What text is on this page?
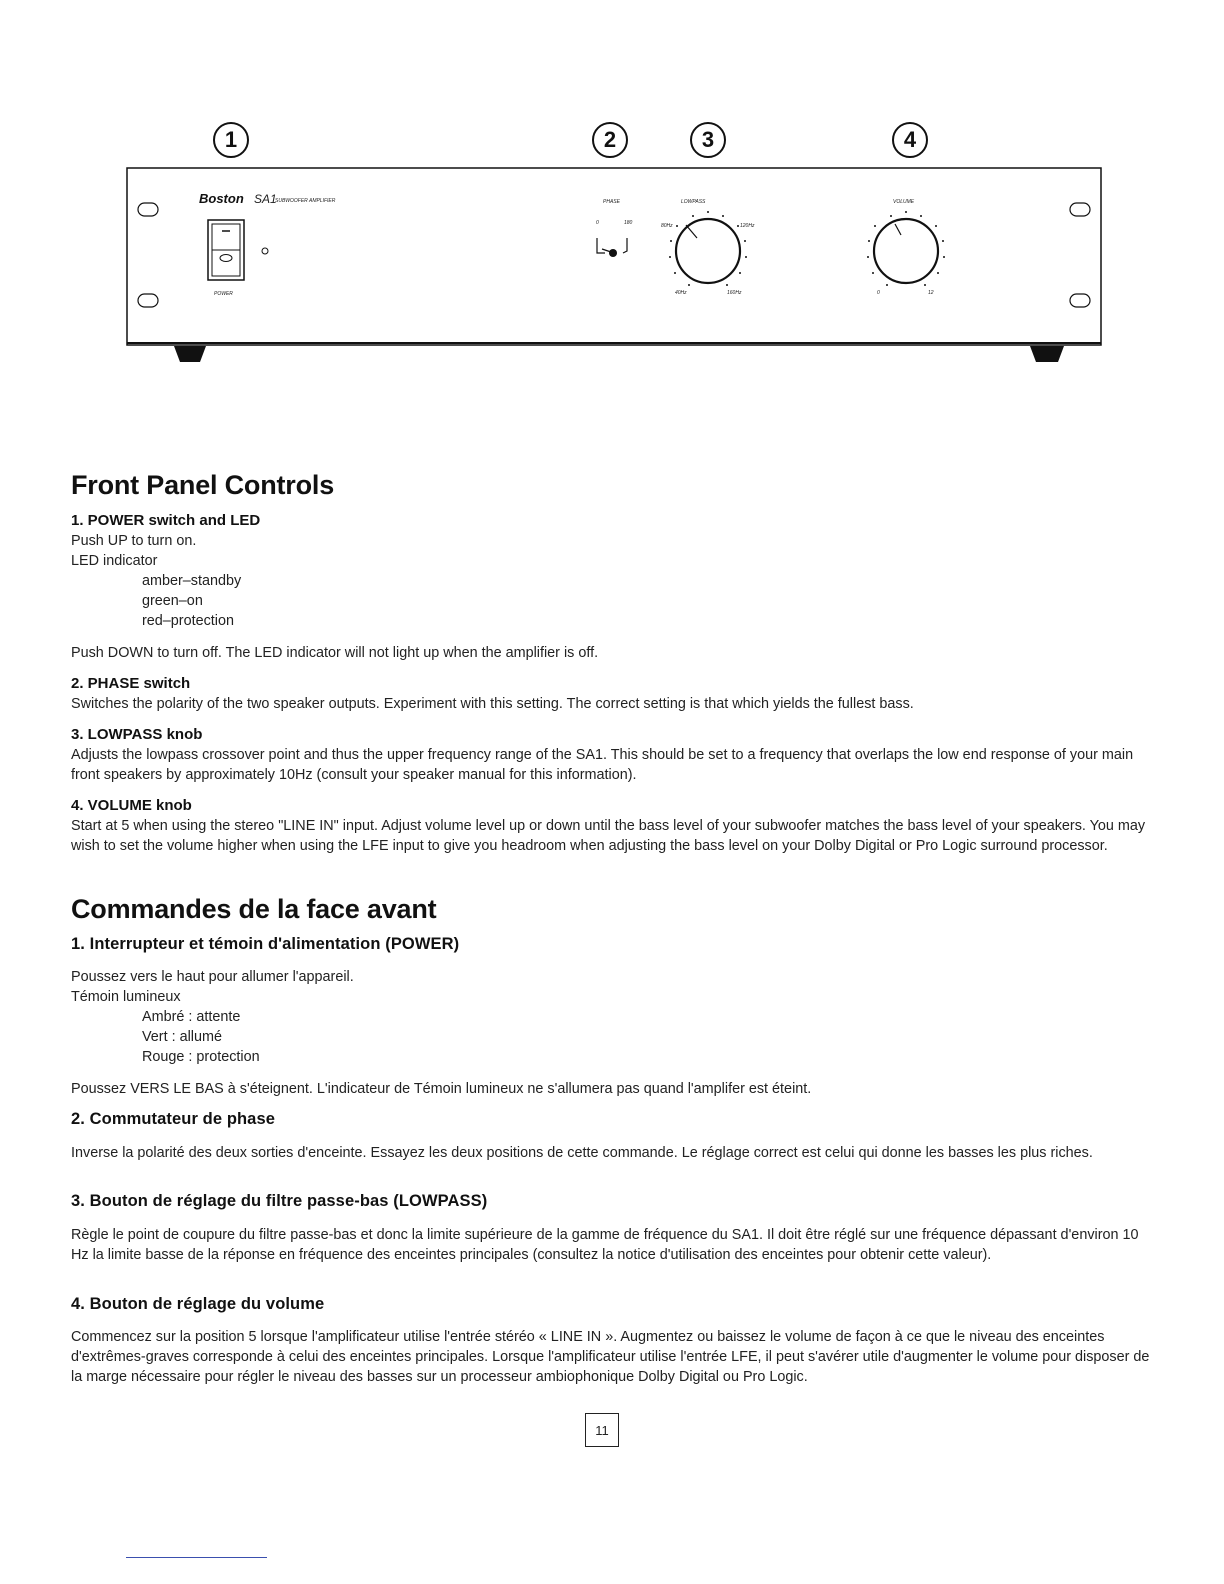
1	2	3	4
Boston SA1
SUBWOOFER AMPLIFIER
POWER
PHASE
0	180
LOWPASS
80Hz	120Hz
40Hz	160Hz
VOLUME
0	12
Front Panel Controls
1. POWER switch and LED

Push UP to turn on.

LED indicator

amber–standby

green–on

red–protection

Push DOWN to turn off. The LED indicator will not light up when the amplifier is off.

2. PHASE switch

Switches the polarity of the two speaker outputs. Experiment with this setting. The correct setting is that which yields the fullest bass.

3. LOWPASS knob

Adjusts the lowpass crossover point and thus the upper frequency range of the SA1. This should be set to a frequency that overlaps the low end response of your main front speakers by approximately 10Hz (consult your speaker manual for this information).

4. VOLUME knob

Start at 5 when using the stereo "LINE IN" input. Adjust volume level up or down until the bass level of your subwoofer matches the bass level of your speakers. You may wish to set the volume higher when using the LFE input to give you headroom when adjusting the bass level on your Dolby Digital or Pro Logic surround processor.

Commandes de la face avant
1. Interrupteur et témoin d'alimentation (POWER)

Poussez vers le haut pour allumer l'appareil.

Témoin lumineux

Ambré : attente

Vert : allumé

Rouge : protection

Poussez VERS LE BAS à s'éteignent. L'indicateur de Témoin lumineux ne s'allumera pas quand l'amplifer est éteint.

2. Commutateur de phase

Inverse la polarité des deux sorties d'enceinte. Essayez les deux positions de cette commande. Le réglage correct est celui qui donne les basses les plus riches.

3. Bouton de réglage du filtre passe-bas (LOWPASS)

Règle le point de coupure du filtre passe-bas et donc la limite supérieure de la gamme de fréquence du SA1. Il doit être réglé sur une fréquence dépassant d'environ 10 Hz la limite basse de la réponse en fréquence des enceintes principales (consultez la notice d'utilisation des enceintes pour obtenir cette valeur).

4. Bouton de réglage du volume

Commencez sur la position 5 lorsque l'amplificateur utilise l'entrée stéréo « LINE IN ». Augmentez ou baissez le volume de façon à ce que le niveau des enceintes d'extrêmes-graves corresponde à celui des enceintes principales. Lorsque l'amplificateur utilise l'entrée LFE, il peut s'avérer utile d'augmenter le volume pour disposer de la marge nécessaire pour régler le niveau des basses sur un processeur ambiophonique Dolby Digital ou Pro Logic.

11
